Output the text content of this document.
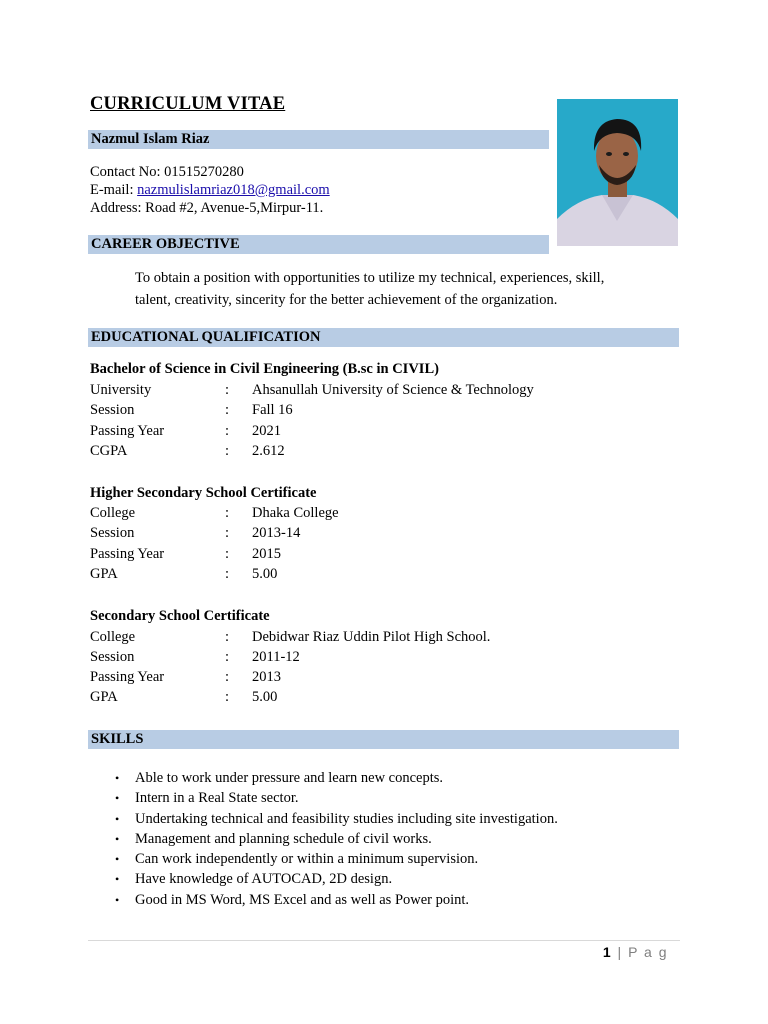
CURRICULUM VITAE
Nazmul Islam Riaz
Contact No: 01515270280
E-mail: nazmulislamriaz018@gmail.com
Address: Road #2, Avenue-5,Mirpur-11.
CAREER OBJECTIVE
To obtain a position with opportunities to utilize my technical, experiences, skill,
talent, creativity, sincerity for the better achievement of the organization.
EDUCATIONAL QUALIFICATION
Bachelor of Science in Civil Engineering (B.sc in CIVIL)
University	: Ahsanullah University of Science & Technology
Session	: Fall 16
Passing Year	: 2021
CGPA	: 2.612
Higher Secondary School Certificate
College	: Dhaka College
Session	: 2013-14
Passing Year	: 2015
GPA	: 5.00
Secondary School Certificate
College	: Debidwar Riaz Uddin Pilot High School.
Session	: 2011-12
Passing Year	: 2013
GPA	: 5.00
SKILLS
• Able to work under pressure and learn new concepts.
• Intern in a Real State sector.
• Undertaking technical and feasibility studies including site investigation.
• Management and planning schedule of civil works.
• Can work independently or within a minimum supervision.
• Have knowledge of AUTOCAD, 2D design.
• Good in MS Word, MS Excel and as well as Power point.
1 | P a g
